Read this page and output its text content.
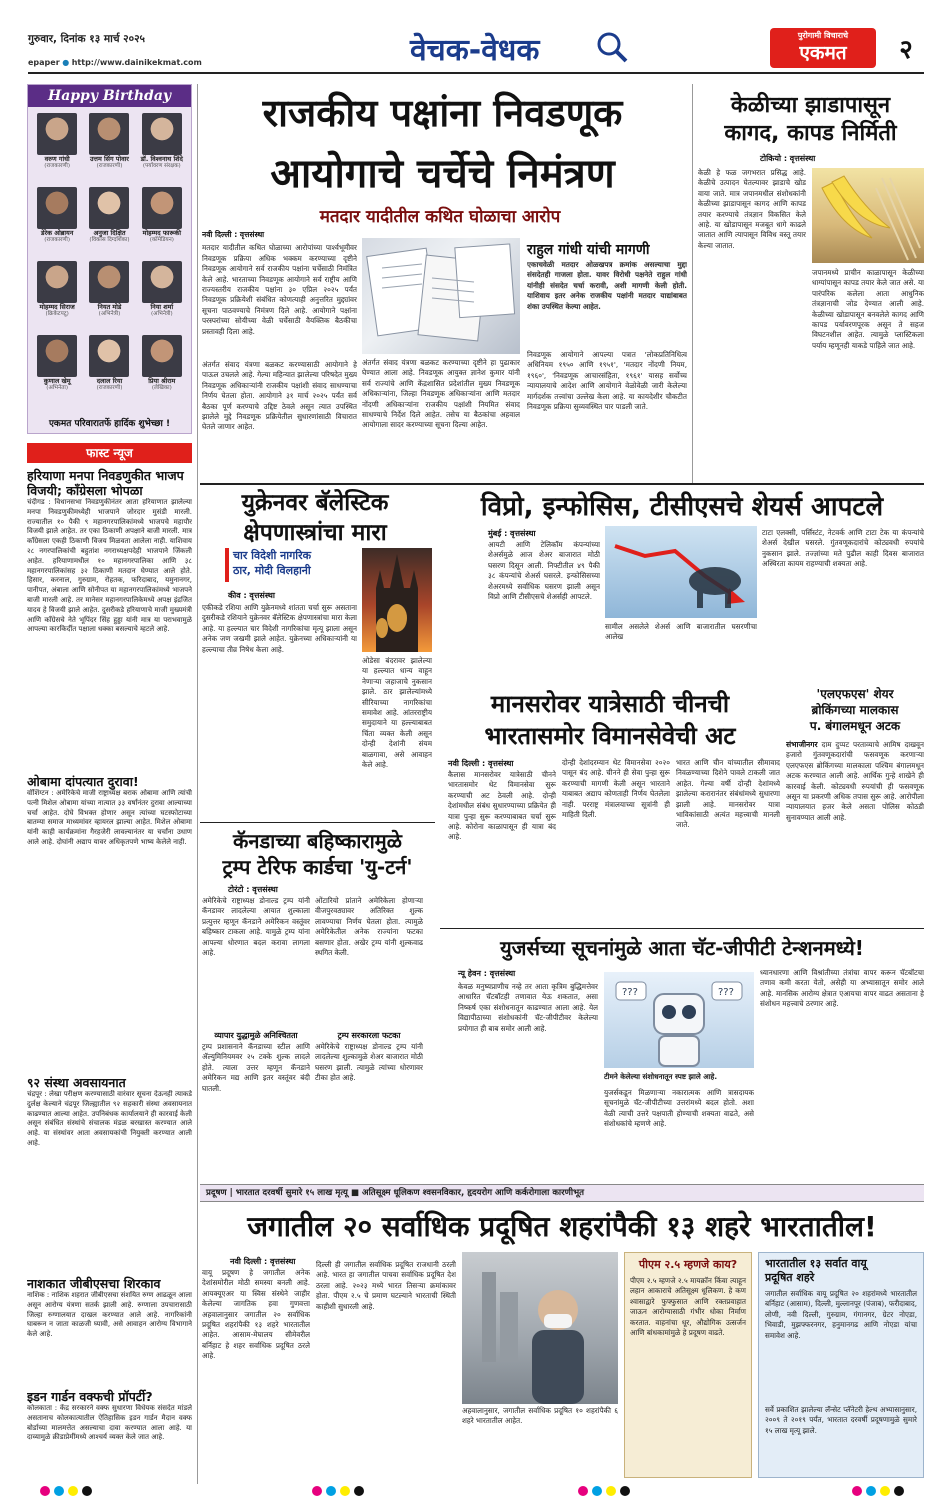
गुरुवार, दिनांक १३ मार्च २०२५
epaper ● http://www.dainikekmat.com	वेचक-वेधक	पुरोगामी विचाराचे
एकमत	२
Happy Birthday
वरुण गांधी
(राजकारणी)
उत्तम सिंग पोवार
(राजकारणी)
डॉ. विश्वनाथ शिंदे
(पर्यावरण संरक्षक)
डेरेक ओब्रायन
(राजकारणी)
अनुजा दिक्षित
(विकास दिग्दर्शिका)
मोहम्मद फारूकी
(कॉमेडियन)
मोहम्मद सिराज
(क्रिकेटपटू)
नियत मोडे
(अभिनेत्री)
निया शर्मा
(अभिनेत्री)
कुणाल खेमू
(अभिनेता)
दलाल रिया
(राजकारणी)
प्रिया श्रीराम
(लेखिका)
एकमत परिवारातर्फे हार्दिक शुभेच्छा !
फास्ट न्यूज
हरियाणा मनपा निवडणुकीत भाजप विजयी; काँग्रेसला भोपळा
चंदीगड : विधानसभा निवडणुकीनंतर आता हरियाणात झालेल्या मनपा निवडणुकीमध्येही भाजपाने जोरदार मुसंडी मारली. राज्यातील १० पैकी ९ महानगरपालिकांमध्ये भाजपचे महापौर विजयी झाले आहेत. तर एका ठिकाणी अपक्षाने बाजी मारली. मात्र काँग्रेसला एकही ठिकाणी विजय मिळवता आलेला नाही. याशिवाय २८ नगरपालिकांची बहुतांश नगराध्यक्षपदेही भाजपाने जिंकली आहेत. हरियाणामधील १० महानगरपालिका आणि ३८ महानगरपालिकांसह ३२ ठिकाणी मतदान घेण्यात आले होते. हिसार, करनाल, गुरुग्राम, रोहतक, फरिदाबाद, यमुनानगर, पानीपत, अंबाला आणि सोनीपत या महानगरपालिकांमध्ये भाजपने बाजी मारली आहे. तर मानेसर महानगरपालिकेमध्ये अपक्ष इंद्रजित यादव हे विजयी झाले आहेत. दुसरीकडे हरियाणाचे माजी मुख्यमंत्री आणि काँग्रेसचे नेते भूपिंदर सिंह हुड्डा यांनी मात्र या पराभवामुळे आपल्या कारकिर्दीत पक्षाला धक्का बसल्याचे म्हटले आहे.
ओबामा दांपत्यात दुरावा!
वॉशिंग्टन : अमेरिकेचे माजी राष्ट्राध्यक्ष बराक ओबामा आणि त्यांची पत्नी मिशेल ओबामा यांच्या नात्यात ३३ वर्षांनंतर दुरावा आल्याच्या चर्चा आहेत. दोघे विभक्त होणार असून त्यांच्या घटस्फोटाच्या बातम्या समाज माध्यमांवर व्हायरल झाल्या आहेत. मिशेल ओबामा यांनी काही कार्यक्रमांना गैरहजेरी लावल्यानंतर या चर्चांना उधाण आले आहे. दोघांनी अद्याप यावर अधिकृतपणे भाष्य केलेले नाही.
९२ संस्था अवसायनात
चंद्रपूर : लेखा परीक्षण करण्यासाठी वारंवार सूचना देऊनही त्याकडे दुर्लक्ष केल्याने चंद्रपूर जिल्ह्यातील ९२ सहकारी संस्था अवसायनात काढण्यात आल्या आहेत. उपनिबंधक कार्यालयाने ही कारवाई केली असून संबंधित संस्थांचे संचालक मंडळ बरखास्त करण्यात आले आहे. या संस्थांवर आता अवसायकांची नियुक्ती करण्यात आली आहे.
नाशकात जीबीएसचा शिरकाव
नाशिक : नाशिक शहरात जीबीएसचा संशयित रुग्ण आढळून आला असून आरोग्य यंत्रणा सतर्क झाली आहे. रुग्णाला उपचारासाठी जिल्हा रुग्णालयात दाखल करण्यात आले आहे. नागरिकांनी घाबरून न जाता काळजी घ्यावी, असे आवाहन आरोग्य विभागाने केले आहे.
इडन गार्डन वक्फची प्रॉपर्टी?
कोलकाता : केंद्र सरकारने वक्फ सुधारणा विधेयक संसदेत मांडले असतानाच कोलकात्यातील ऐतिहासिक इडन गार्डन मैदान वक्फ बोर्डाच्या मालमत्तेत असल्याचा दावा करण्यात आला आहे. या दाव्यामुळे क्रीडाप्रेमींमध्ये आश्चर्य व्यक्त केले जात आहे.
राजकीय पक्षांना निवडणूक
आयोगाचे चर्चेचे निमंत्रण
मतदार यादीतील कथित घोळाचा आरोप
नवी दिल्ली : वृत्तसंस्था
मतदार यादीतील कथित घोळाच्या आरोपांच्या पार्श्वभूमीवर निवडणूक प्रक्रिया अधिक भक्कम करण्याच्या दृष्टीने निवडणूक आयोगाने सर्व राजकीय पक्षांना चर्चेसाठी निमंत्रित केले आहे. भारताच्या निवडणूक आयोगाने सर्व राष्ट्रीय आणि राज्यस्तरीय राजकीय पक्षांना ३० एप्रिल २०२५ पर्यंत निवडणूक प्रक्रियेशी संबंधित कोणत्याही अनुत्तरित मुद्द्यांवर सूचना पाठवण्याचे निमंत्रण दिले आहे. आयोगाने पक्षांना परस्परांच्या सोयीच्या वेळी चर्चेसाठी वैयक्तिक बैठकीचा प्रस्तावही दिला आहे.
अंतर्गत संवाद यंत्रणा बळकट करण्यासाठी आयोगाने हे पाऊल उचलले आहे. गेल्या महिन्यात झालेल्या परिषदेत मुख्य निवडणूक अधिकाऱ्यांनी राजकीय पक्षांशी संवाद साधण्याचा निर्णय घेतला होता. आयोगाने ३१ मार्च २०२५ पर्यंत सर्व बैठका पूर्ण करण्याचे उद्दिष्ट ठेवले असून त्यात उपस्थित झालेले मुद्दे निवडणूक प्रक्रियेतील सुधारणांसाठी विचारात घेतले जाणार आहेत.
अंतर्गत संवाद यंत्रणा बळकट करण्याच्या दृष्टीने हा पुढाकार घेण्यात आला आहे. निवडणूक आयुक्त ज्ञानेश कुमार यांनी सर्व राज्यांचे आणि केंद्रशासित प्रदेशांतील मुख्य निवडणूक अधिकाऱ्यांना, जिल्हा निवडणूक अधिकाऱ्यांना आणि मतदार नोंदणी अधिकाऱ्यांना राजकीय पक्षांशी नियमित संवाद साधण्याचे निर्देश दिले आहेत. तसेच या बैठकांचा अहवाल आयोगाला सादर करण्याच्या सूचना दिल्या आहेत.
राहुल गांधी यांची मागणी
एकाचवेळी मतदार ओळखपत्र क्रमांक असल्याचा मुद्दा संसदेतही गाजला होता. यावर विरोधी पक्षनेते राहुल गांधी यांनीही संसदेत चर्चा करावी, अशी मागणी केली होती. याशिवाय इतर अनेक राजकीय पक्षांनी मतदार याद्यांबाबत शंका उपस्थित केल्या आहेत.
निवडणूक आयोगाने आपल्या पत्रात 'लोकप्रतिनिधित्व अधिनियम १९५० आणि १९५१', 'मतदार नोंदणी नियम, १९६०', 'निवडणूक आचारसंहिता, १९६१' यासह सर्वोच्च न्यायालयाचे आदेश आणि आयोगाने वेळोवेळी जारी केलेल्या मार्गदर्शक तत्त्वांचा उल्लेख केला आहे. या कायदेशीर चौकटीत निवडणूक प्रक्रिया सुव्यवस्थित पार पाडली जाते.
केळीच्या झाडापासून
कागद, कापड निर्मिती
टोकियो : वृत्तसंस्था
केळी हे फळ जगभरात प्रसिद्ध आहे. केळीचे उत्पादन घेतल्यावर झाडाचे खोड वाया जाते. मात्र जपानमधील संशोधकांनी केळीच्या झाडापासून कागद आणि कापड तयार करण्याचे तंत्रज्ञान विकसित केले आहे. या खोडापासून मजबूत धागे काढले जातात आणि त्यापासून विविध वस्तू तयार केल्या जातात.
जपानमध्ये प्राचीन काळापासून केळीच्या धाग्यांपासून कापड तयार केले जात असे. या पारंपरिक कलेला आता आधुनिक तंत्रज्ञानाची जोड देण्यात आली आहे. केळीच्या खोडापासून बनवलेले कागद आणि कापड पर्यावरणपूरक असून ते सहज विघटनशील आहेत. त्यामुळे प्लास्टिकला पर्याय म्हणूनही याकडे पाहिले जात आहे.
युक्रेनवर बॅलेस्टिक
क्षेपणास्त्रांचा मारा
चार विदेशी नागरिक
ठार, मोदी विलहानी
कीव : वृत्तसंस्था
एकीकडे रशिया आणि युक्रेनमध्ये शांतता चर्चा सुरू असताना दुसरीकडे रशियाने युक्रेनवर बॅलेस्टिक क्षेपणास्त्रांचा मारा केला आहे. या हल्ल्यात चार विदेशी नागरिकांचा मृत्यू झाला असून अनेक जण जखमी झाले आहेत. युक्रेनच्या अधिकाऱ्यांनी या हल्ल्याचा तीव्र निषेध केला आहे.
ओडेसा बंदरावर झालेल्या या हल्ल्यात धान्य वाहून नेणाऱ्या जहाजाचे नुकसान झाले. ठार झालेल्यांमध्ये सीरियाच्या नागरिकांचा समावेश आहे. आंतरराष्ट्रीय समुदायाने या हल्ल्याबाबत चिंता व्यक्त केली असून दोन्ही देशांनी संयम बाळगावा, असे आवाहन केले आहे.
विप्रो, इन्फोसिस, टीसीएसचे शेयर्स आपटले
मुंबई : वृत्तसंस्था
आयटी आणि टेलिकॉम कंपन्यांच्या शेअर्समुळे आज शेअर बाजारात मोठी घसरण दिसून आली. निफ्टीतील ४९ पैकी ३८ कंपन्यांचे शेअर्स घसरले. इन्फोसिसच्या शेअरमध्ये सर्वाधिक घसरण झाली असून विप्रो आणि टीसीएसचे शेअर्सही आपटले.
सामील असलेले शेअर्स आणि बाजारातील घसरणीचा आलेख
टाटा एलक्सी, पर्सिस्टंट, नेटवर्क आणि टाटा टेक या कंपन्यांचे शेअर्स देखील घसरले. गुंतवणूकदारांचे कोट्यवधी रुपयांचे नुकसान झाले. तज्ज्ञांच्या मते पुढील काही दिवस बाजारात अस्थिरता कायम राहण्याची शक्यता आहे.
मानसरोवर यात्रेसाठी चीनची
भारतासमोर विमानसेवेची अट
नवी दिल्ली : वृत्तसंस्था
कैलास मानसरोवर यात्रेसाठी चीनने भारतासमोर थेट विमानसेवा सुरू करण्याची अट ठेवली आहे. दोन्ही देशांमधील संबंध सुधारण्याच्या प्रक्रियेत ही यात्रा पुन्हा सुरू करण्याबाबत चर्चा सुरू आहे. कोरोना काळापासून ही यात्रा बंद आहे.
दोन्ही देशांदरम्यान थेट विमानसेवा २०२० पासून बंद आहे. चीनने ही सेवा पुन्हा सुरू करण्याची मागणी केली असून भारताने याबाबत अद्याप कोणताही निर्णय घेतलेला नाही. परराष्ट्र मंत्रालयाच्या सूत्रांनी ही माहिती दिली.
भारत आणि चीन यांच्यातील सीमावाद निवळण्याच्या दिशेने पावले टाकली जात आहेत. गेल्या वर्षी दोन्ही देशांमध्ये झालेल्या करारानंतर संबंधांमध्ये सुधारणा झाली आहे. मानसरोवर यात्रा भाविकांसाठी अत्यंत महत्त्वाची मानली जाते.
'एलएफएस' शेयर
ब्रोकिंगच्या मालकास
प. बंगालमधून अटक
संभाजीनगर दाम दुप्पट परताव्याचे आमिष दाखवून हजारो गुंतवणूकदारांची फसवणूक करणाऱ्या एलएफएस ब्रोकिंगच्या मालकाला पश्चिम बंगालमधून अटक करण्यात आली आहे. आर्थिक गुन्हे शाखेने ही कारवाई केली. कोट्यवधी रुपयांची ही फसवणूक असून या प्रकरणी अधिक तपास सुरू आहे. आरोपीला न्यायालयात हजर केले असता पोलिस कोठडी सुनावण्यात आली आहे.
कॅनडाच्या बहिष्कारामुळे
ट्रम्प टेरिफ कार्डचा 'यु-टर्न'
टोरंटो : वृत्तसंस्था
अमेरिकेचे राष्ट्राध्यक्ष डोनाल्ड ट्रम्प यांनी कॅनडावर लादलेल्या आयात शुल्काला प्रत्युत्तर म्हणून कॅनडाने अमेरिकन वस्तूंवर बहिष्कार टाकला आहे. यामुळे ट्रम्प यांना आपल्या धोरणात बदल करावा लागला आहे.
व्यापार युद्धामुळे अनिश्चितता
ट्रम्प प्रशासनाने कॅनडाच्या स्टील आणि ॲल्युमिनियमवर २५ टक्के शुल्क लादले होते. त्याला उत्तर म्हणून कॅनडाने अमेरिकन मद्य आणि इतर वस्तूंवर बंदी घातली.
ओंटारियो प्रांताने अमेरिकेला होणाऱ्या वीजपुरवठ्यावर अतिरिक्त शुल्क लावण्याचा निर्णय घेतला होता. त्यामुळे अमेरिकेतील अनेक राज्यांना फटका बसणार होता. अखेर ट्रम्प यांनी शुल्कवाढ स्थगित केली.
ट्रम्प सरकारला फटका
अमेरिकेचे राष्ट्राध्यक्ष डोनाल्ड ट्रम्प यांनी लादलेल्या शुल्कामुळे शेअर बाजारात मोठी घसरण झाली. त्यामुळे त्यांच्या धोरणावर टीका होत आहे.
युजर्सच्या सूचनांमुळे आता चॅट-जीपीटी टेन्शनमध्ये!
न्यू हेवन : वृत्तसंस्था
केवळ मनुष्यप्राणीच नव्हे तर आता कृत्रिम बुद्धिमत्तेवर आधारित चॅटबॉटही तणावात येऊ शकतात, असा निष्कर्ष एका संशोधनातून काढण्यात आला आहे. येल विद्यापीठाच्या संशोधकांनी चॅट-जीपीटीवर केलेल्या प्रयोगात ही बाब समोर आली आहे.
???	???
टीमने केलेल्या संशोधनातून स्पष्ट झाले आहे.
युजर्सकडून मिळणाऱ्या नकारात्मक आणि त्रासदायक सूचनांमुळे चॅट-जीपीटीच्या उत्तरांमध्ये बदल होतो. अशा वेळी त्याची उत्तरे पक्षपाती होण्याची शक्यता वाढते, असे संशोधकांचे म्हणणे आहे.
ध्यानधारणा आणि विश्रांतीच्या तंत्रांचा वापर करून चॅटबॉटचा तणाव कमी करता येतो, असेही या अभ्यासातून समोर आले आहे. मानसिक आरोग्य क्षेत्रात एआयचा वापर वाढत असताना हे संशोधन महत्त्वाचे ठरणार आहे.
प्रदूषण | भारतात दरवर्षी सुमारे १५ लाख मृत्यू ■ अतिसूक्ष्म धूलिकण श्वसनविकार, हृदयरोग आणि कर्करोगाला कारणीभूत
जगातील २० सर्वाधिक प्रदूषित शहरांपैकी १३ शहरे भारतातील!
नवी दिल्ली : वृत्तसंस्था
वायू प्रदूषण हे जगातील अनेक देशांसमोरील मोठी समस्या बनली आहे. आयक्यूएअर या स्विस संस्थेने जाहीर केलेल्या जागतिक हवा गुणवत्ता अहवालानुसार जगातील २० सर्वाधिक प्रदूषित शहरांपैकी १३ शहरे भारतातील आहेत. आसाम-मेघालय सीमेवरील बर्निहाट हे शहर सर्वाधिक प्रदूषित ठरले आहे.
दिल्ली ही जगातील सर्वाधिक प्रदूषित राजधानी ठरली आहे. भारत हा जगातील पाचवा सर्वाधिक प्रदूषित देश ठरला आहे. २०२३ मध्ये भारत तिसऱ्या क्रमांकावर होता. पीएम २.५ चे प्रमाण घटल्याने भारताची स्थिती काहीशी सुधारली आहे.
अहवालानुसार, जगातील सर्वाधिक प्रदूषित १० शहरांपैकी ६ शहरे भारतातील आहेत.
पीएम २.५ म्हणजे काय?
पीएम २.५ म्हणजे २.५ मायक्रॉन किंवा त्याहून लहान आकाराचे अतिसूक्ष्म धूलिकण. हे कण श्वासाद्वारे फुफ्फुसात आणि रक्तप्रवाहात जाऊन आरोग्यासाठी गंभीर धोका निर्माण करतात. वाहनांचा धूर, औद्योगिक उत्सर्जन आणि बांधकामांमुळे हे प्रदूषण वाढते.
भारतातील १३ सर्वात वायू
प्रदूषित शहरे
जगातील सर्वाधिक वायू प्रदूषित २० शहरांमध्ये भारतातील बर्निहाट (आसाम), दिल्ली, मुल्लानपूर (पंजाब), फरीदाबाद, लोणी, नवी दिल्ली, गुरुग्राम, गंगानगर, ग्रेटर नोएडा, भिवाडी, मुझफ्फरनगर, हनुमानगढ आणि नोएडा यांचा समावेश आहे.
सर्वे प्रकाशित झालेल्या लॅन्सेट प्लॅनेटरी हेल्थ अभ्यासानुसार, २००९ ते २०१९ पर्यंत, भारतात दरवर्षी प्रदूषणामुळे सुमारे १५ लाख मृत्यू झाले.
